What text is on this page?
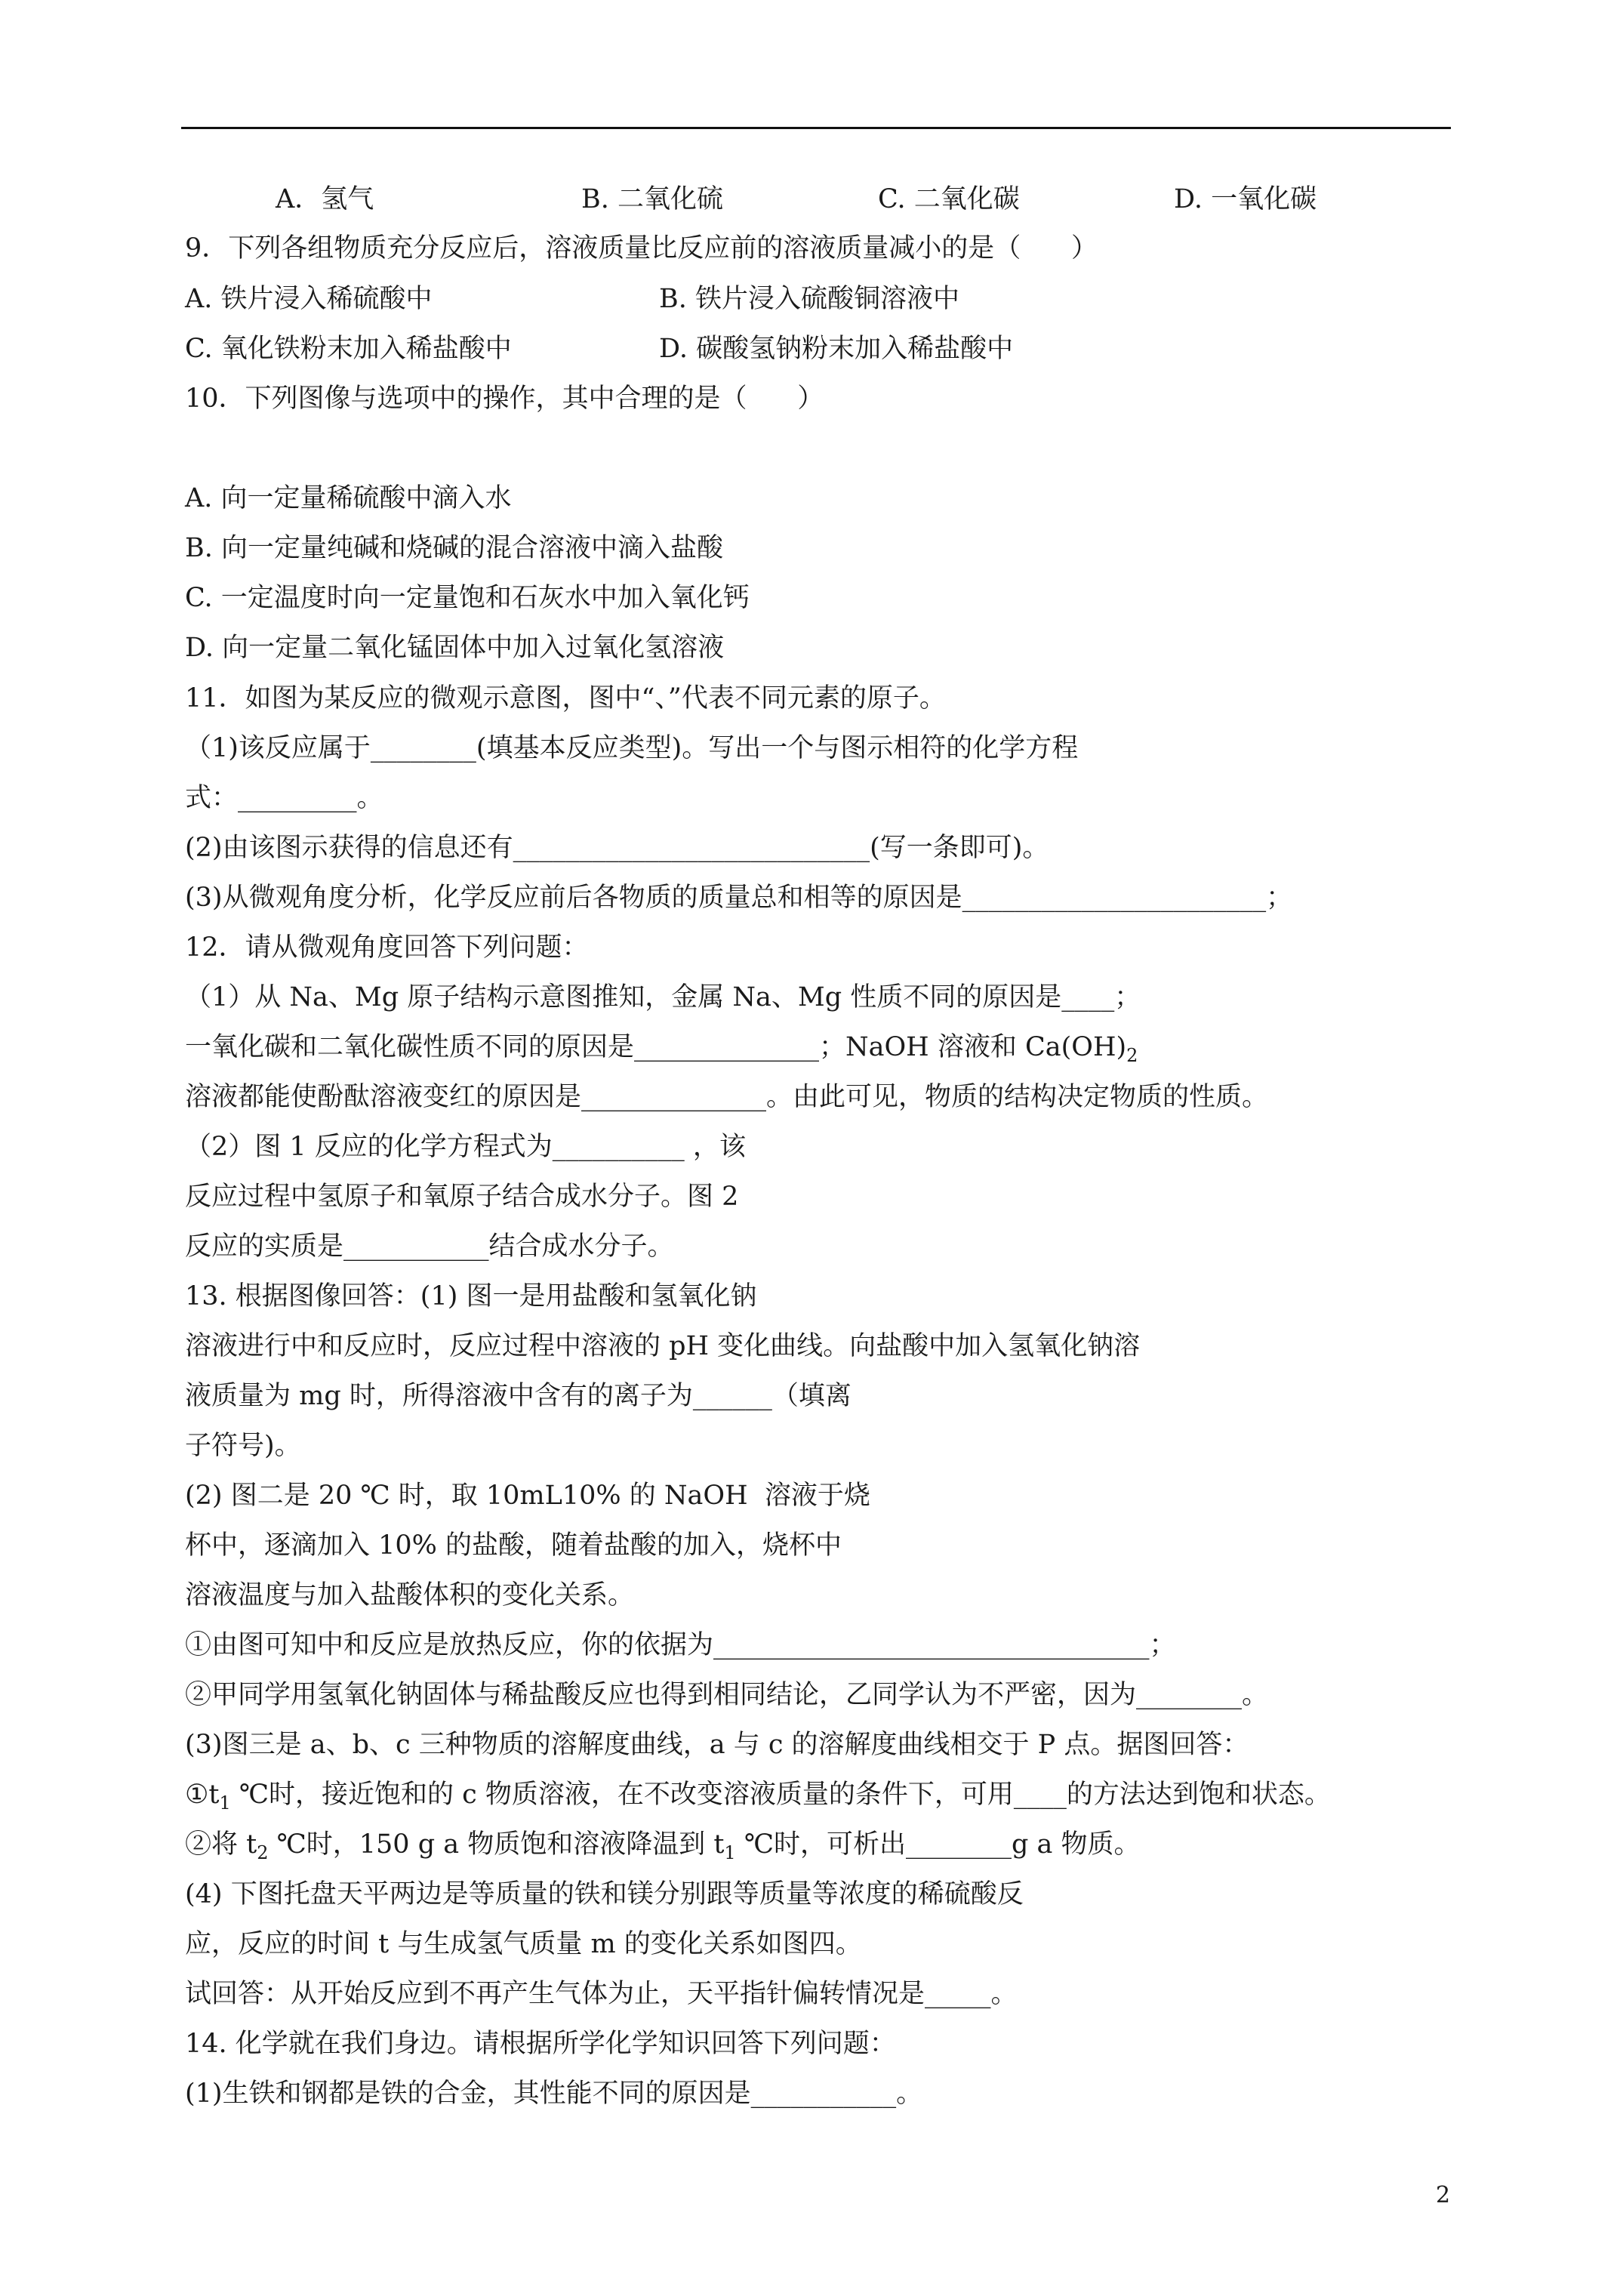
A．氢气	B. 二氧化硫	C. 二氧化碳	D. 一氧化碳
9．下列各组物质充分反应后，溶液质量比反应前的溶液质量减小的是（      ）
A. 铁片浸入稀硫酸中	B. 铁片浸入硫酸铜溶液中
C. 氧化铁粉末加入稀盐酸中	D. 碳酸氢钠粉末加入稀盐酸中
10．下列图像与选项中的操作，其中合理的是（      ）
A. 向一定量稀硫酸中滴入水
B. 向一定量纯碱和烧碱的混合溶液中滴入盐酸
C. 一定温度时向一定量饱和石灰水中加入氧化钙
D. 向一定量二氧化锰固体中加入过氧化氢溶液
11．如图为某反应的微观示意图，图中“、”代表不同元素的原子。
（1)该反应属于________(填基本反应类型)。写出一个与图示相符的化学方程
式：_________。
(2)由该图示获得的信息还有___________________________(写一条即可)。
(3)从微观角度分析，化学反应前后各物质的质量总和相等的原因是_______________________；
12．请从微观角度回答下列问题：
（1）从 Na、Mg 原子结构示意图推知，金属 Na、Mg 性质不同的原因是____；
一氧化碳和二氧化碳性质不同的原因是______________；NaOH 溶液和 $Ca(OH)_2$
溶液都能使酚酞溶液变红的原因是______________。由此可见，物质的结构决定物质的性质。
（2）图 1 反应的化学方程式为__________ ，该
反应过程中氢原子和氧原子结合成水分子。图 2
反应的实质是___________结合成水分子。
13. 根据图像回答：(1) 图一是用盐酸和氢氧化钠
溶液进行中和反应时，反应过程中溶液的 pH 变化曲线。向盐酸中加入氢氧化钠溶
液质量为 mg 时，所得溶液中含有的离子为______（填离
子符号)。
(2) 图二是 20 ℃ 时，取 10mL10% 的 NaOH  溶液于烧
杯中，逐滴加入 10% 的盐酸，随着盐酸的加入，烧杯中
溶液温度与加入盐酸体积的变化关系。
①由图可知中和反应是放热反应，你的依据为_________________________________；
②甲同学用氢氧化钠固体与稀盐酸反应也得到相同结论，乙同学认为不严密，因为________。
(3)图三是 a、b、c 三种物质的溶解度曲线，a 与 c 的溶解度曲线相交于 P 点。据图回答：
$①t_1$ ℃时，接近饱和的 c 物质溶液，在不改变溶液质量的条件下，可用____的方法达到饱和状态。
②将 $t_2$ ℃时，150 g a 物质饱和溶液降温到 $t_1$ ℃时，可析出________g a 物质。
(4) 下图托盘天平两边是等质量的铁和镁分别跟等质量等浓度的稀硫酸反
应，反应的时间 t 与生成氢气质量 m 的变化关系如图四。
试回答：从开始反应到不再产生气体为止，天平指针偏转情况是_____。
14. 化学就在我们身边。请根据所学化学知识回答下列问题：
(1)生铁和钢都是铁的合金，其性能不同的原因是___________。
2
